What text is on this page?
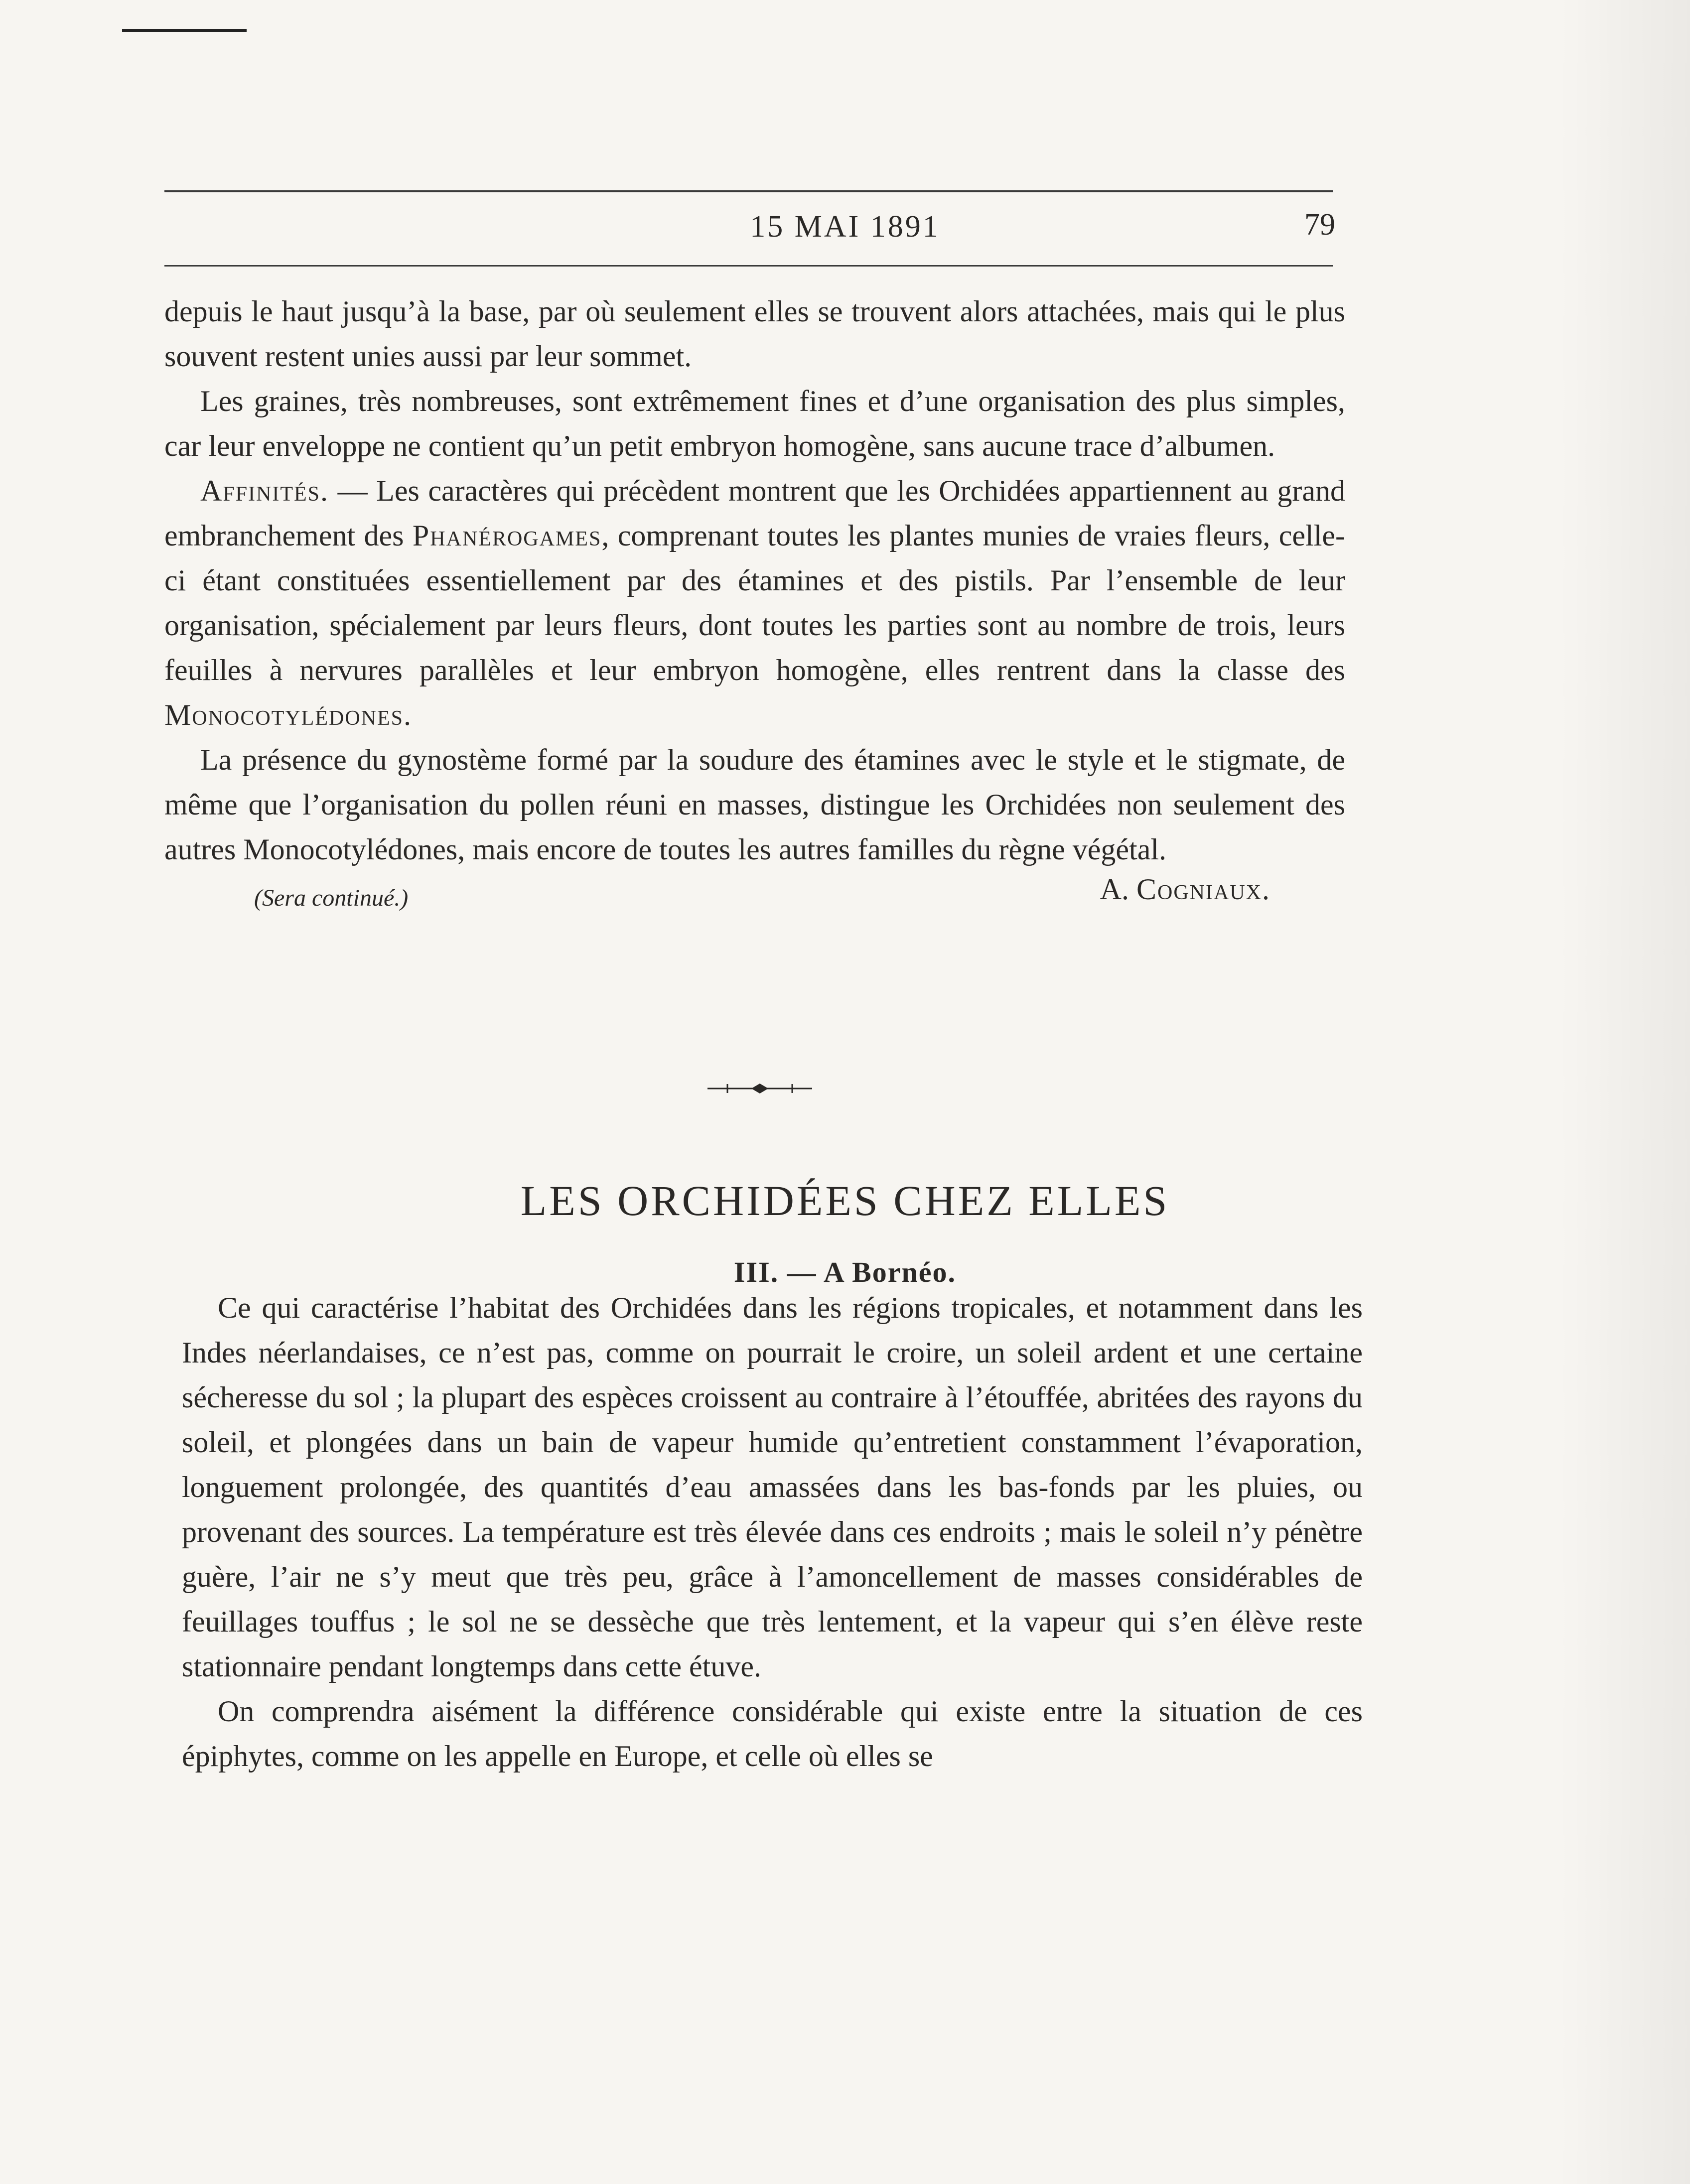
15 MAI 1891	79

depuis le haut jusqu’à la base, par où seulement elles se trouvent alors attachées, mais qui le plus souvent restent unies aussi par leur sommet.

Les graines, très nombreuses, sont extrêmement fines et d’une organisation des plus simples, car leur enveloppe ne contient qu’un petit embryon homogène, sans aucune trace d’albumen.

Affinités. — Les caractères qui précèdent montrent que les Orchidées appartiennent au grand embranchement des Phanérogames, comprenant toutes les plantes munies de vraies fleurs, celle-ci étant constituées essentiellement par des étamines et des pistils. Par l’ensemble de leur organisation, spécialement par leurs fleurs, dont toutes les parties sont au nombre de trois, leurs feuilles à nervures parallèles et leur embryon homogène, elles rentrent dans la classe des Monocotylédones.

La présence du gynostème formé par la soudure des étamines avec le style et le stigmate, de même que l’organisation du pollen réuni en masses, distingue les Orchidées non seulement des autres Monocotylédones, mais encore de toutes les autres familles du règne végétal.

(Sera continué.)	A. Cogniaux.
LES ORCHIDÉES CHEZ ELLES
III. — A Bornéo.

Ce qui caractérise l’habitat des Orchidées dans les régions tropicales, et notamment dans les Indes néerlandaises, ce n’est pas, comme on pourrait le croire, un soleil ardent et une certaine sécheresse du sol ; la plupart des espèces croissent au contraire à l’étouffée, abritées des rayons du soleil, et plongées dans un bain de vapeur humide qu’entretient constamment l’évaporation, longuement prolongée, des quantités d’eau amassées dans les bas-fonds par les pluies, ou provenant des sources. La température est très élevée dans ces endroits ; mais le soleil n’y pénètre guère, l’air ne s’y meut que très peu, grâce à l’amoncellement de masses considérables de feuillages touffus ; le sol ne se dessèche que très lentement, et la vapeur qui s’en élève reste stationnaire pendant longtemps dans cette étuve.

On comprendra aisément la différence considérable qui existe entre la situation de ces épiphytes, comme on les appelle en Europe, et celle où elles se
